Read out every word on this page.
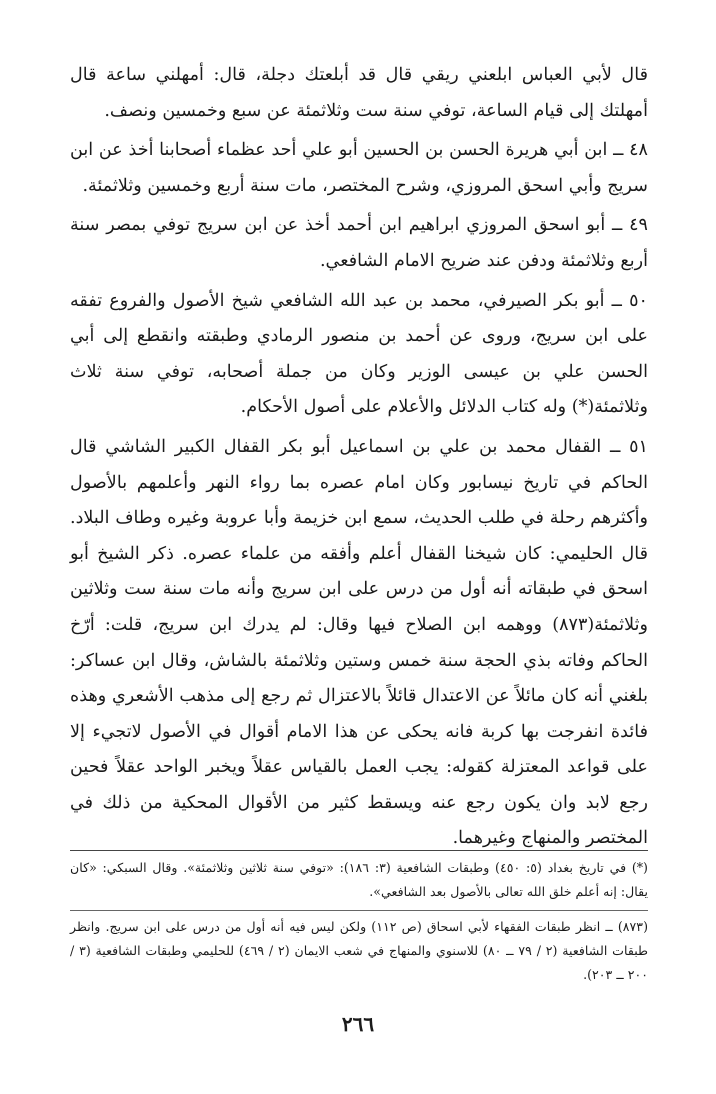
قال لأبي العباس ابلعني ريقي قال قد أبلعتك دجلة، قال: أمهلني ساعة قال أمهلتك إلى قيام الساعة، توفي سنة ست وثلاثمئة عن سبع وخمسين ونصف.

٤٨ ــ ابن أبي هريرة الحسن بن الحسين أبو علي أحد عظماء أصحابنا أخذ عن ابن سريج وأبي اسحق المروزي، وشرح المختصر، مات سنة أربع وخمسين وثلاثمئة.

٤٩ ــ أبو اسحق المروزي ابراهيم ابن أحمد أخذ عن ابن سريج توفي بمصر سنة أربع وثلاثمئة ودفن عند ضريح الامام الشافعي.

٥٠ ــ أبو بكر الصيرفي، محمد بن عبد الله الشافعي شيخ الأصول والفروع تفقه على ابن سريج، وروى عن أحمد بن منصور الرمادي وطبقته وانقطع إلى أبي الحسن علي بن عيسى الوزير وكان من جملة أصحابه، توفي سنة ثلاث وثلاثمئة(*) وله كتاب الدلائل والأعلام على أصول الأحكام.

٥١ ــ القفال محمد بن علي بن اسماعيل أبو بكر القفال الكبير الشاشي قال الحاكم في تاريخ نيسابور وكان امام عصره بما رواء النهر وأعلمهم بالأصول وأكثرهم رحلة في طلب الحديث، سمع ابن خزيمة وأبا عروبة وغيره وطاف البلاد. قال الحليمي: كان شيخنا القفال أعلم وأفقه من علماء عصره. ذكر الشيخ أبو اسحق في طبقاته أنه أول من درس على ابن سريج وأنه مات سنة ست وثلاثين وثلاثمئة(٨٧٣) ووهمه ابن الصلاح فيها وقال: لم يدرك ابن سريج، قلت: أرّخ الحاكم وفاته بذي الحجة سنة خمس وستين وثلاثمئة بالشاش، وقال ابن عساكر: بلغني أنه كان مائلاً عن الاعتدال قائلاً بالاعتزال ثم رجع إلى مذهب الأشعري وهذه فائدة انفرجت بها كربة فانه يحكى عن هذا الامام أقوال في الأصول لاتجيء إلا على قواعد المعتزلة كقوله: يجب العمل بالقياس عقلاً ويخبر الواحد عقلاً فحين رجع لابد وان يكون رجع عنه ويسقط كثير من الأقوال المحكية من ذلك في المختصر والمنهاج وغيرهما.

(*) في تاريخ بغداد (٥: ٤٥٠) وطبقات الشافعية (٣: ١٨٦): «توفي سنة ثلاثين وثلاثمئة». وقال السبكي: «كان يقال: إنه أعلم خلق الله تعالى بالأصول بعد الشافعي».
(٨٧٣) ــ انظر طبقات الفقهاء لأبي اسحاق (ص ١١٢) ولكن ليس فيه أنه أول من درس على ابن سريج. وانظر طبقات الشافعية (٢ / ٧٩ ــ ٨٠) للاسنوي والمنهاج في شعب الايمان (٢ / ٤٦٩) للحليمي وطبقات الشافعية (٣ / ٢٠٠ ــ ٢٠٣).
٢٦٦
